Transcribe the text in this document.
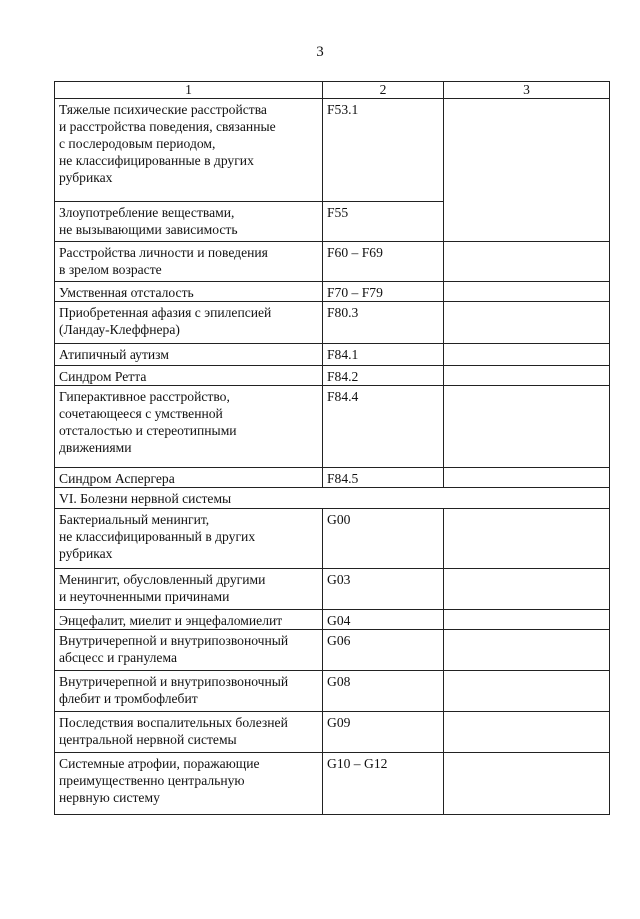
3
1	2	3
Тяжелые психические расстройства
и расстройства поведения, связанные
с послеродовым периодом,
не классифицированные в других
рубриках	F53.1	
Злоупотребление веществами,
не вызывающими зависимость	F55	
Расстройства личности и поведения
в зрелом возрасте	F60 – F69	
Умственная отсталость	F70 – F79	
Приобретенная афазия с эпилепсией
(Ландау-Клеффнера)	F80.3	
Атипичный аутизм	F84.1	
Синдром Ретта	F84.2	
Гиперактивное расстройство,
сочетающееся с умственной
отсталостью и стереотипными
движениями	F84.4	
Синдром Аспергера	F84.5	
VI. Болезни нервной системы		
Бактериальный менингит,
не классифицированный в других
рубриках	G00	
Менингит, обусловленный другими
и неуточненными причинами	G03	
Энцефалит, миелит и энцефаломиелит	G04	
Внутричерепной и внутрипозвоночный
абсцесс и гранулема	G06	
Внутричерепной и внутрипозвоночный
флебит и тромбофлебит	G08	
Последствия воспалительных болезней
центральной нервной системы	G09	
Системные атрофии, поражающие
преимущественно центральную
нервную систему	G10 – G12	
